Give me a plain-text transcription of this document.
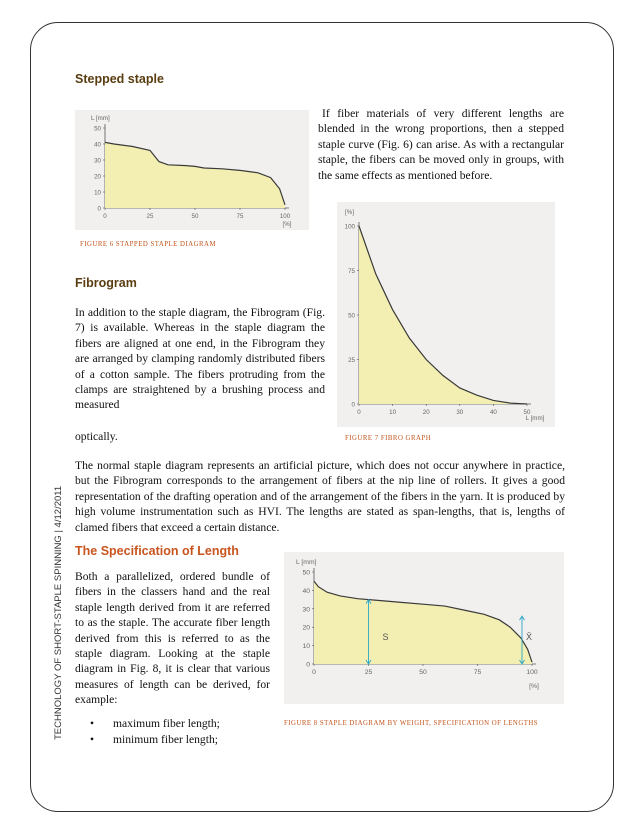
TECHNOLOGY OF SHORT-STAPLE SPINNING | 4/12/2011
Stepped staple
0	25	50	75	100
0
10
20
30
40
50
L [mm]
[%]
FIGURE 6 STAPPED STAPLE DIAGRAM

If fiber materials of very different lengths are blended in the wrong proportions, then a stepped staple curve (Fig. 6) can arise. As with a rectangular staple, the fibers can be moved only in groups, with the same effects as mentioned before.

Fibrogram
0	10	20	30	40	50
0
25
50
75
100
[%]
L [mm]
FIGURE 7 FIBRO GRAPH

In addition to the staple diagram, the Fibrogram (Fig. 7) is available. Whereas in the staple diagram the fibers are aligned at one end, in the Fibrogram they are arranged by clamping randomly distributed fibers of a cotton sample. The fibers protruding from the clamps are straightened by a brushing process and measured

optically.

The normal staple diagram represents an artificial picture, which does not occur anywhere in practice, but the Fibrogram corresponds to the arrangement of fibers at the nip line of rollers. It gives a good representation of the drafting operation and of the arrangement of the fibers in the yarn. It is produced by high volume instrumentation such as HVI. The lengths are stated as span-lengths, that is, lengths of clamed fibers that exceed a certain distance.

The Specification of Length
0	25	50	75	100
0
10
20
30
40
50
L [mm]
[%]
S	X̄
FIGURE 8 STAPLE DIAGRAM BY WEIGHT, SPECIFICATION OF LENGTHS

Both a parallelized, ordered bundle of fibers in the classers hand and the real staple length derived from it are referred to as the staple. The accurate fiber length derived from this is referred to as the staple diagram. Looking at the staple diagram in Fig. 8, it is clear that various measures of length can be derived, for example:

• maximum fiber length;
• minimum fiber length;
